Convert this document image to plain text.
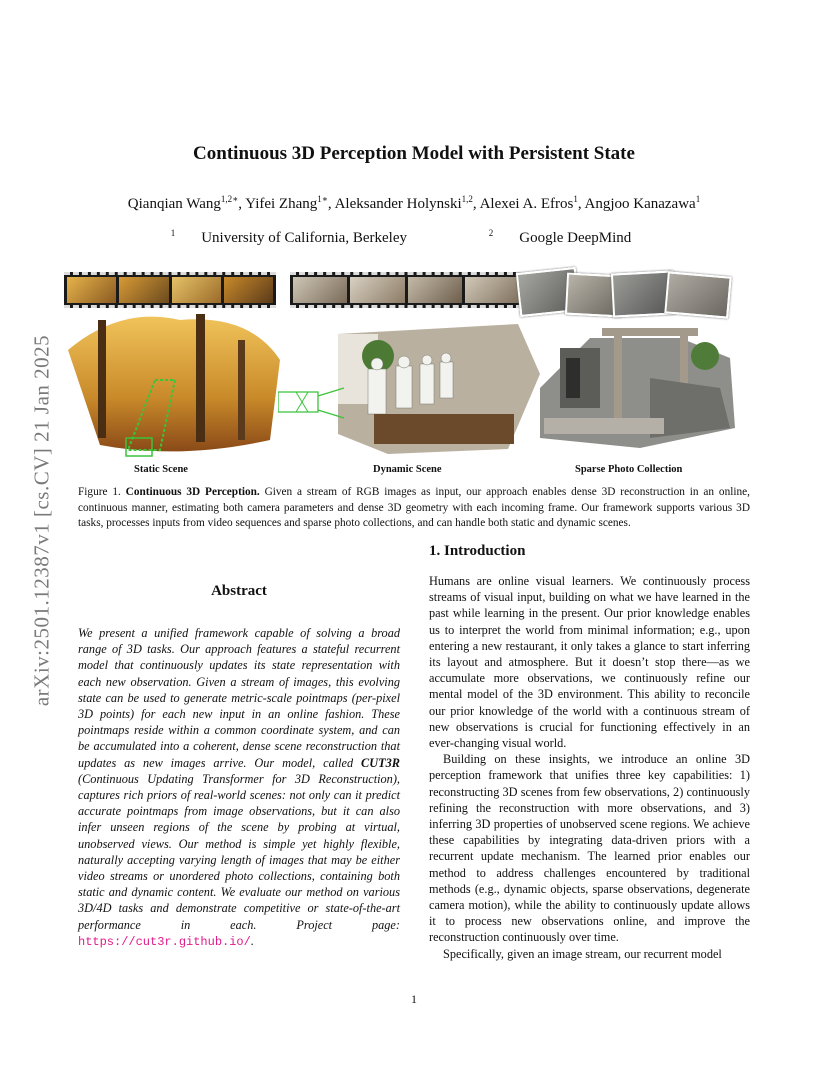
arXiv:2501.12387v1 [cs.CV] 21 Jan 2025
Continuous 3D Perception Model with Persistent State
Qianqian Wang$^{1,2∗}$, Yifei Zhang$^{1∗}$, Aleksander Holynski$^{1,2}$, Alexei A. Efros$^1$, Angjoo Kanazawa$^1$
$^1$ University of California, Berkeley	$^2$ Google DeepMind
Static Scene	Dynamic Scene	Sparse Photo Collection
Figure 1. Continuous 3D Perception. Given a stream of RGB images as input, our approach enables dense 3D reconstruction in an online, continuous manner, estimating both camera parameters and dense 3D geometry with each incoming frame. Our framework supports various 3D tasks, processes inputs from video sequences and sparse photo collections, and can handle both static and dynamic scenes.
Abstract
We present a unified framework capable of solving a broad range of 3D tasks. Our approach features a stateful recurrent model that continuously updates its state representation with each new observation. Given a stream of images, this evolving state can be used to generate metric-scale pointmaps (per-pixel 3D points) for each new input in an online fashion. These pointmaps reside within a common coordinate system, and can be accumulated into a coherent, dense scene reconstruction that updates as new images arrive. Our model, called CUT3R (Continuous Updating Transformer for 3D Reconstruction), captures rich priors of real-world scenes: not only can it predict accurate pointmaps from image observations, but it can also infer unseen regions of the scene by probing at virtual, unobserved views. Our method is simple yet highly flexible, naturally accepting varying length of images that may be either video streams or unordered photo collections, containing both static and dynamic content. We evaluate our method on various 3D/4D tasks and demonstrate competitive or state-of-the-art performance in each. Project page: https://cut3r.github.io/.
1. Introduction

Humans are online visual learners. We continuously process streams of visual input, building on what we have learned in the past while learning in the present. Our prior knowledge enables us to interpret the world from minimal information; e.g., upon entering a new restaurant, it only takes a glance to start inferring its layout and atmosphere. But it doesn’t stop there—as we accumulate more observations, we continuously refine our mental model of the 3D environment. This ability to reconcile our prior knowledge of the world with a continuous stream of new observations is crucial for functioning effectively in an ever-changing visual world.

Building on these insights, we introduce an online 3D perception framework that unifies three key capabilities: 1) reconstructing 3D scenes from few observations, 2) continuously refining the reconstruction with more observations, and 3) inferring 3D properties of unobserved scene regions. We achieve these capabilities by integrating data-driven priors with a recurrent update mechanism. The learned prior enables our method to address challenges encountered by traditional methods (e.g., dynamic objects, sparse observations, degenerate camera motion), while the ability to continuously update allows it to process new observations online, and improve the reconstruction continuously over time.

Specifically, given an image stream, our recurrent model

1
